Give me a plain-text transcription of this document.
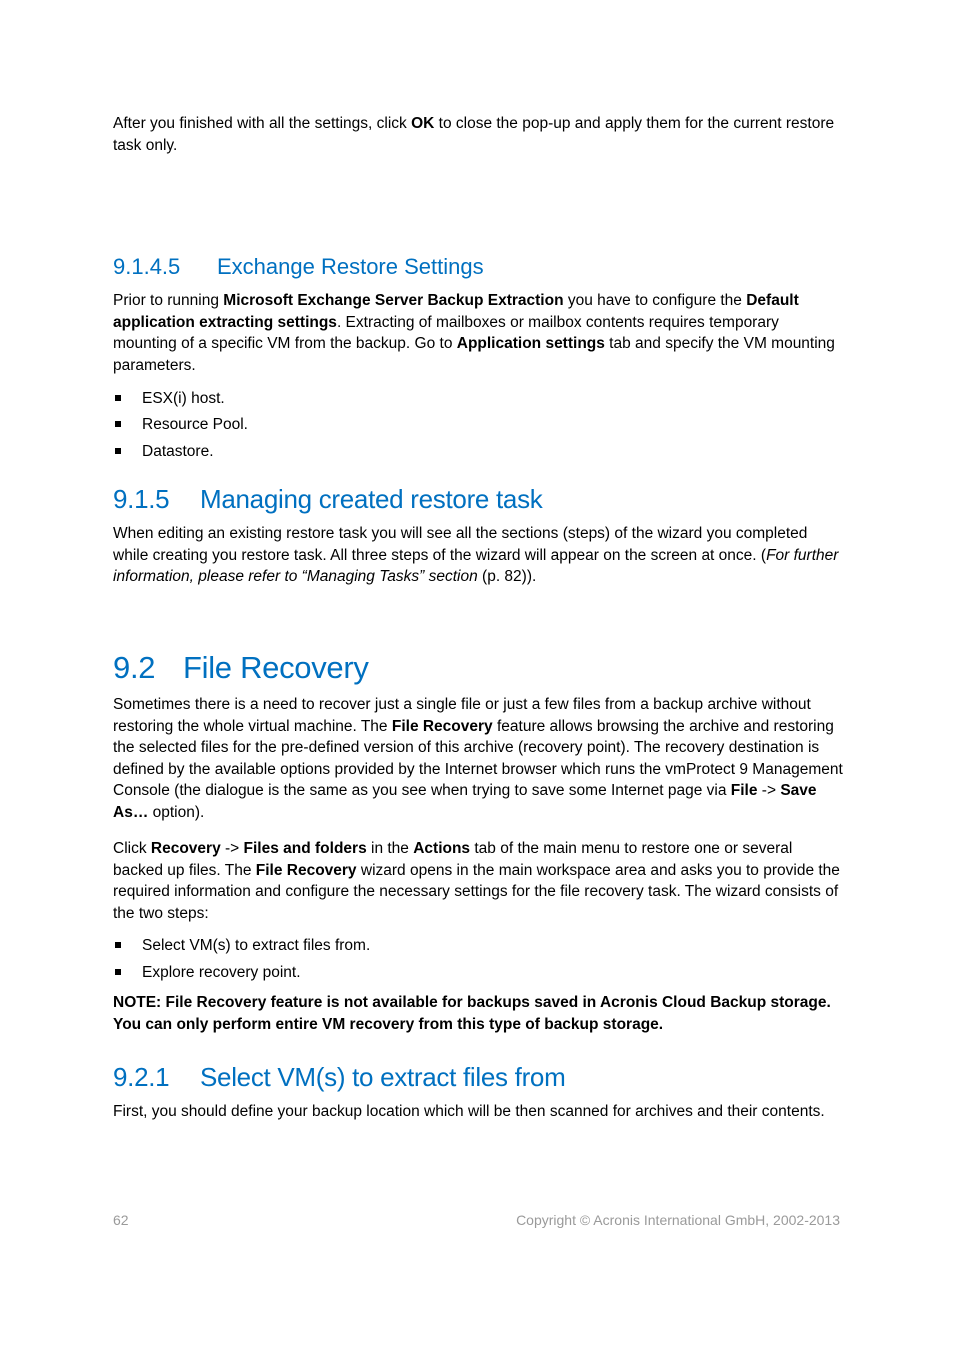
After you finished with all the settings, click OK to close the pop-up and apply them for the current restore task only.

9.1.4.5 Exchange Restore Settings

Prior to running Microsoft Exchange Server Backup Extraction you have to configure the Default application extracting settings. Extracting of mailboxes or mailbox contents requires temporary mounting of a specific VM from the backup. Go to Application settings tab and specify the VM mounting parameters.

ESX(i) host.
Resource Pool.
Datastore.
9.1.5 Managing created restore task

When editing an existing restore task you will see all the sections (steps) of the wizard you completed while creating you restore task. All three steps of the wizard will appear on the screen at once. (For further information, please refer to “Managing Tasks” section (p. 82)).

9.2 File Recovery

Sometimes there is a need to recover just a single file or just a few files from a backup archive without restoring the whole virtual machine. The File Recovery feature allows browsing the archive and restoring the selected files for the pre-defined version of this archive (recovery point). The recovery destination is defined by the available options provided by the Internet browser which runs the vmProtect 9 Management Console (the dialogue is the same as you see when trying to save some Internet page via File -> Save As… option).

Click Recovery -> Files and folders in the Actions tab of the main menu to restore one or several backed up files. The File Recovery wizard opens in the main workspace area and asks you to provide the required information and configure the necessary settings for the file recovery task. The wizard consists of the two steps:

Select VM(s) to extract files from.
Explore recovery point.

NOTE: File Recovery feature is not available for backups saved in Acronis Cloud Backup storage. You can only perform entire VM recovery from this type of backup storage.

9.2.1 Select VM(s) to extract files from

First, you should define your backup location which will be then scanned for archives and their contents.

62	Copyright © Acronis International GmbH, 2002-2013
